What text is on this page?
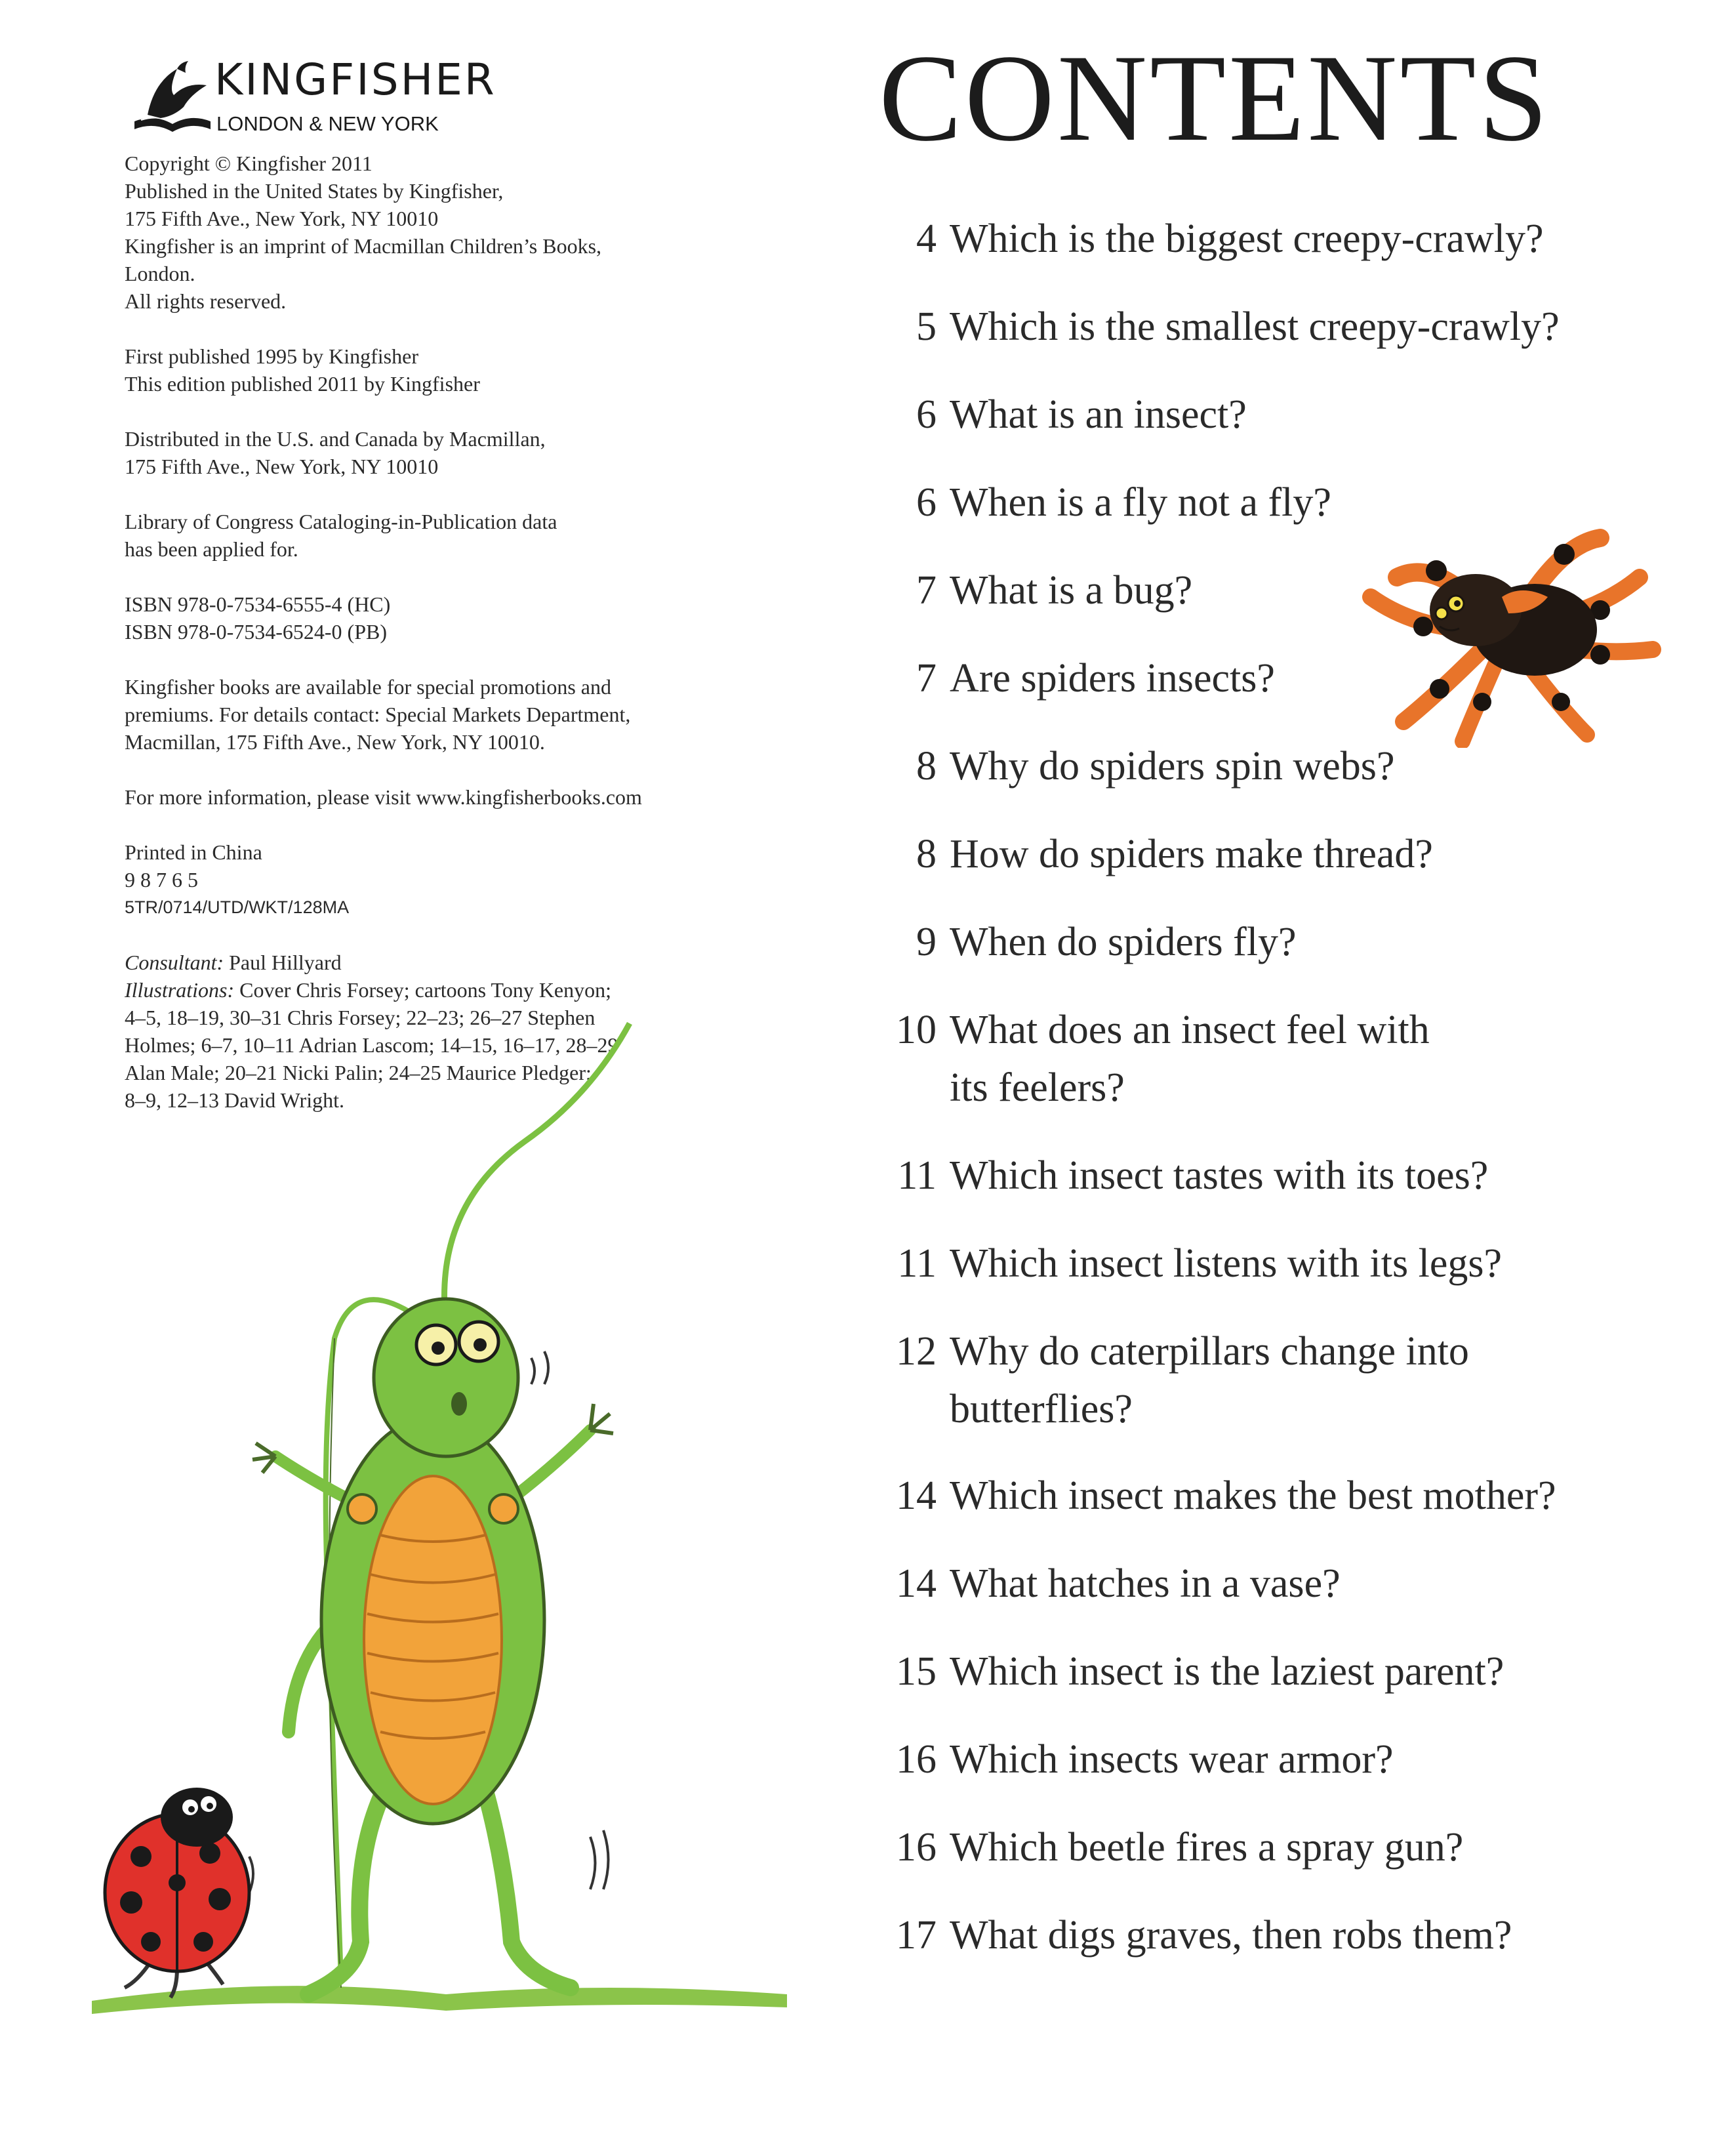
KINGFISHER
LONDON & NEW YORK
Copyright © Kingfisher 2011
Published in the United States by Kingfisher,
175 Fifth Ave., New York, NY 10010
Kingfisher is an imprint of Macmillan Children’s Books,
London.
All rights reserved.
First published 1995 by Kingfisher
This edition published 2011 by Kingfisher
Distributed in the U.S. and Canada by Macmillan,
175 Fifth Ave., New York, NY 10010
Library of Congress Cataloging-in-Publication data
has been applied for.
ISBN 978-0-7534-6555-4 (HC)
ISBN 978-0-7534-6524-0 (PB)
Kingfisher books are available for special promotions and
premiums. For details contact: Special Markets Department,
Macmillan, 175 Fifth Ave., New York, NY 10010.
For more information, please visit www.kingfisherbooks.com
Printed in China
9 8 7 6 5
5TR/0714/UTD/WKT/128MA
Consultant: Paul Hillyard
Illustrations: Cover Chris Forsey; cartoons Tony Kenyon;
4–5, 18–19, 30–31 Chris Forsey; 22–23; 26–27 Stephen
Holmes; 6–7, 10–11 Adrian Lascom; 14–15, 16–17, 28–29
Alan Male; 20–21 Nicki Palin; 24–25 Maurice Pledger;
8–9, 12–13 David Wright.
CONTENTS
4 Which is the biggest creepy-crawly?
5 Which is the smallest creepy-crawly?
6 What is an insect?
6 When is a fly not a fly?
7 What is a bug?
7 Are spiders insects?
8 Why do spiders spin webs?
8 How do spiders make thread?
9 When do spiders fly?
10 What does an insect feel with
its feelers?
11 Which insect tastes with its toes?
11 Which insect listens with its legs?
12 Why do caterpillars change into
butterflies?
14 Which insect makes the best mother?
14 What hatches in a vase?
15 Which insect is the laziest parent?
16 Which insects wear armor?
16 Which beetle fires a spray gun?
17 What digs graves, then robs them?
